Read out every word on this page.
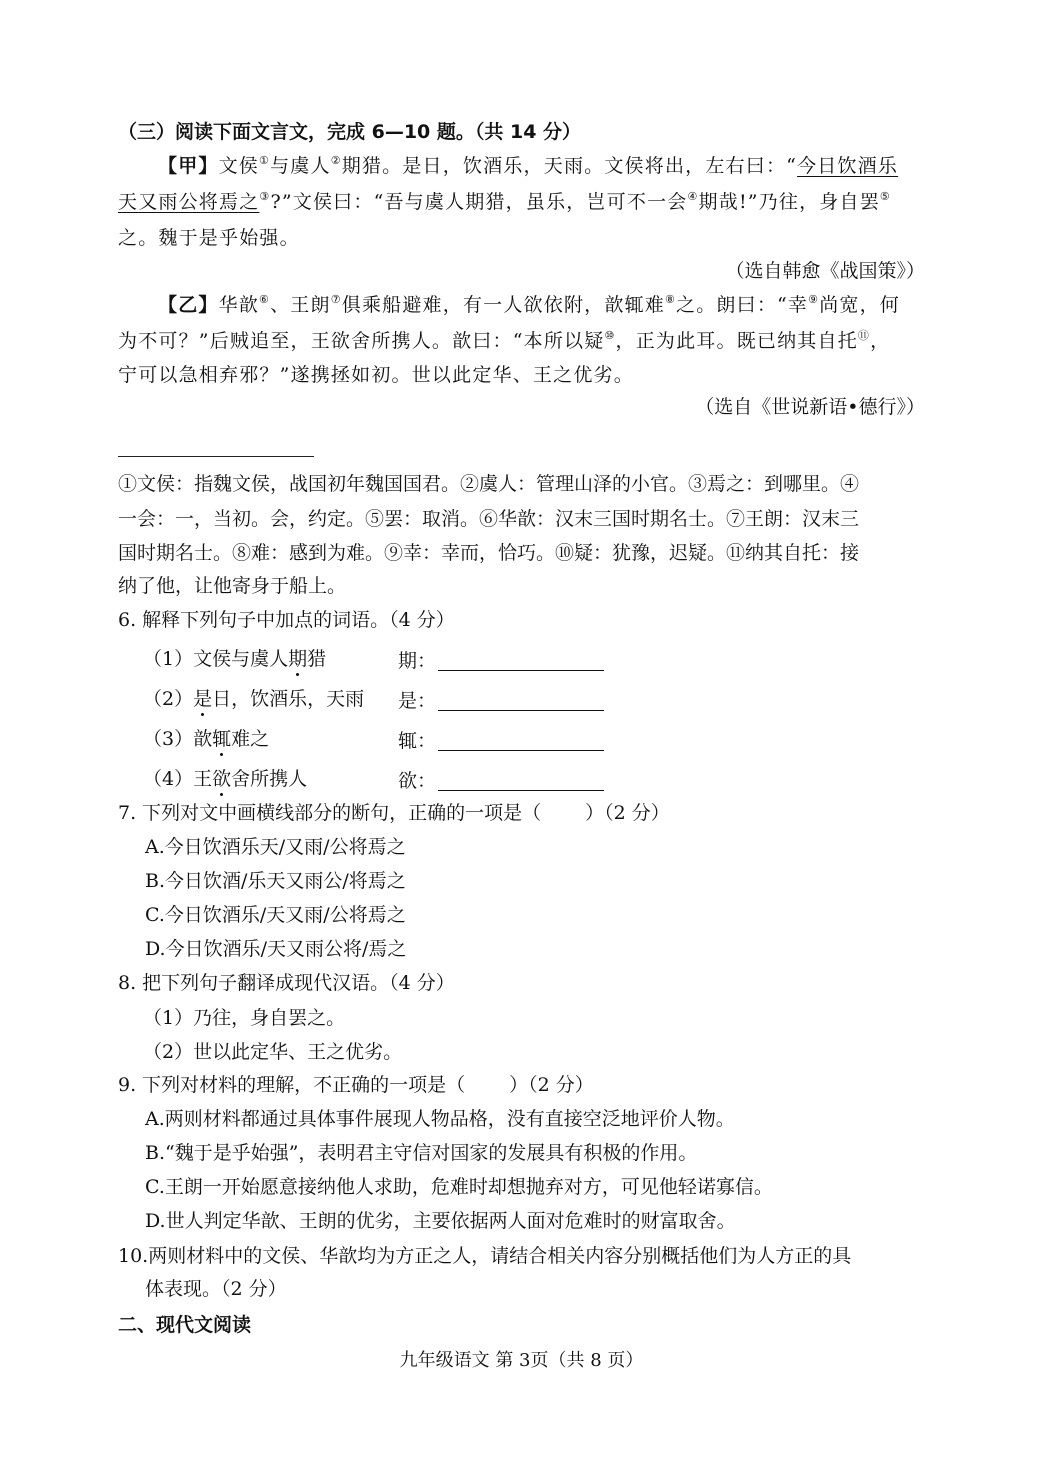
（三）阅读下面文言文，完成 6—10 题。（共 14 分）
【甲】文侯①与虞人②期猎。是日，饮酒乐，天雨。文侯将出，左右曰：“今日饮酒乐
天又雨公将焉之③?”文侯曰：“吾与虞人期猎，虽乐，岂可不一会④期哉!”乃往，身自罢⑤
之。魏于是乎始强。
（选自韩愈《战国策》）
【乙】华歆⑥、王朗⑦俱乘船避难，有一人欲依附，歆辄难⑧之。朗曰：“幸⑨尚宽，何
为不可？”后贼追至，王欲舍所携人。歆曰：“本所以疑⑩，正为此耳。既已纳其自托⑪，
宁可以急相弃邪？”遂携拯如初。世以此定华、王之优劣。
（选自《世说新语•德行》）
①文侯：指魏文侯，战国初年魏国国君。②虞人：管理山泽的小官。③焉之：到哪里。④
一会：一，当初。会，约定。⑤罢：取消。⑥华歆：汉末三国时期名士。⑦王朗：汉末三
国时期名士。⑧难：感到为难。⑨幸：幸而，恰巧。⑩疑：犹豫，迟疑。⑪纳其自托：接
纳了他，让他寄身于船上。
6. 解释下列句子中加点的词语。（4 分）
（1）文侯与虞人期猎	期：
（2）是日，饮酒乐，天雨 是：
（3）歆辄难之	辄：
（4）王欲舍所携人	欲：
7. 下列对文中画横线部分的断句，正确的一项是（ ）（2 分）
A.今日饮酒乐天/又雨/公将焉之
B.今日饮酒/乐天又雨公/将焉之
C.今日饮酒乐/天又雨/公将焉之
D.今日饮酒乐/天又雨公将/焉之
8. 把下列句子翻译成现代汉语。（4 分）
（1）乃往，身自罢之。
（2）世以此定华、王之优劣。
9. 下列对材料的理解，不正确的一项是（ ）（2 分）
A.两则材料都通过具体事件展现人物品格，没有直接空泛地评价人物。
B.“魏于是乎始强”，表明君主守信对国家的发展具有积极的作用。
C.王朗一开始愿意接纳他人求助，危难时却想抛弃对方，可见他轻诺寡信。
D.世人判定华歆、王朗的优劣，主要依据两人面对危难时的财富取舍。
10.两则材料中的文侯、华歆均为方正之人，请结合相关内容分别概括他们为人方正的具
体表现。（2 分）
二、现代文阅读
九年级语文 第 3页（共 8 页）
